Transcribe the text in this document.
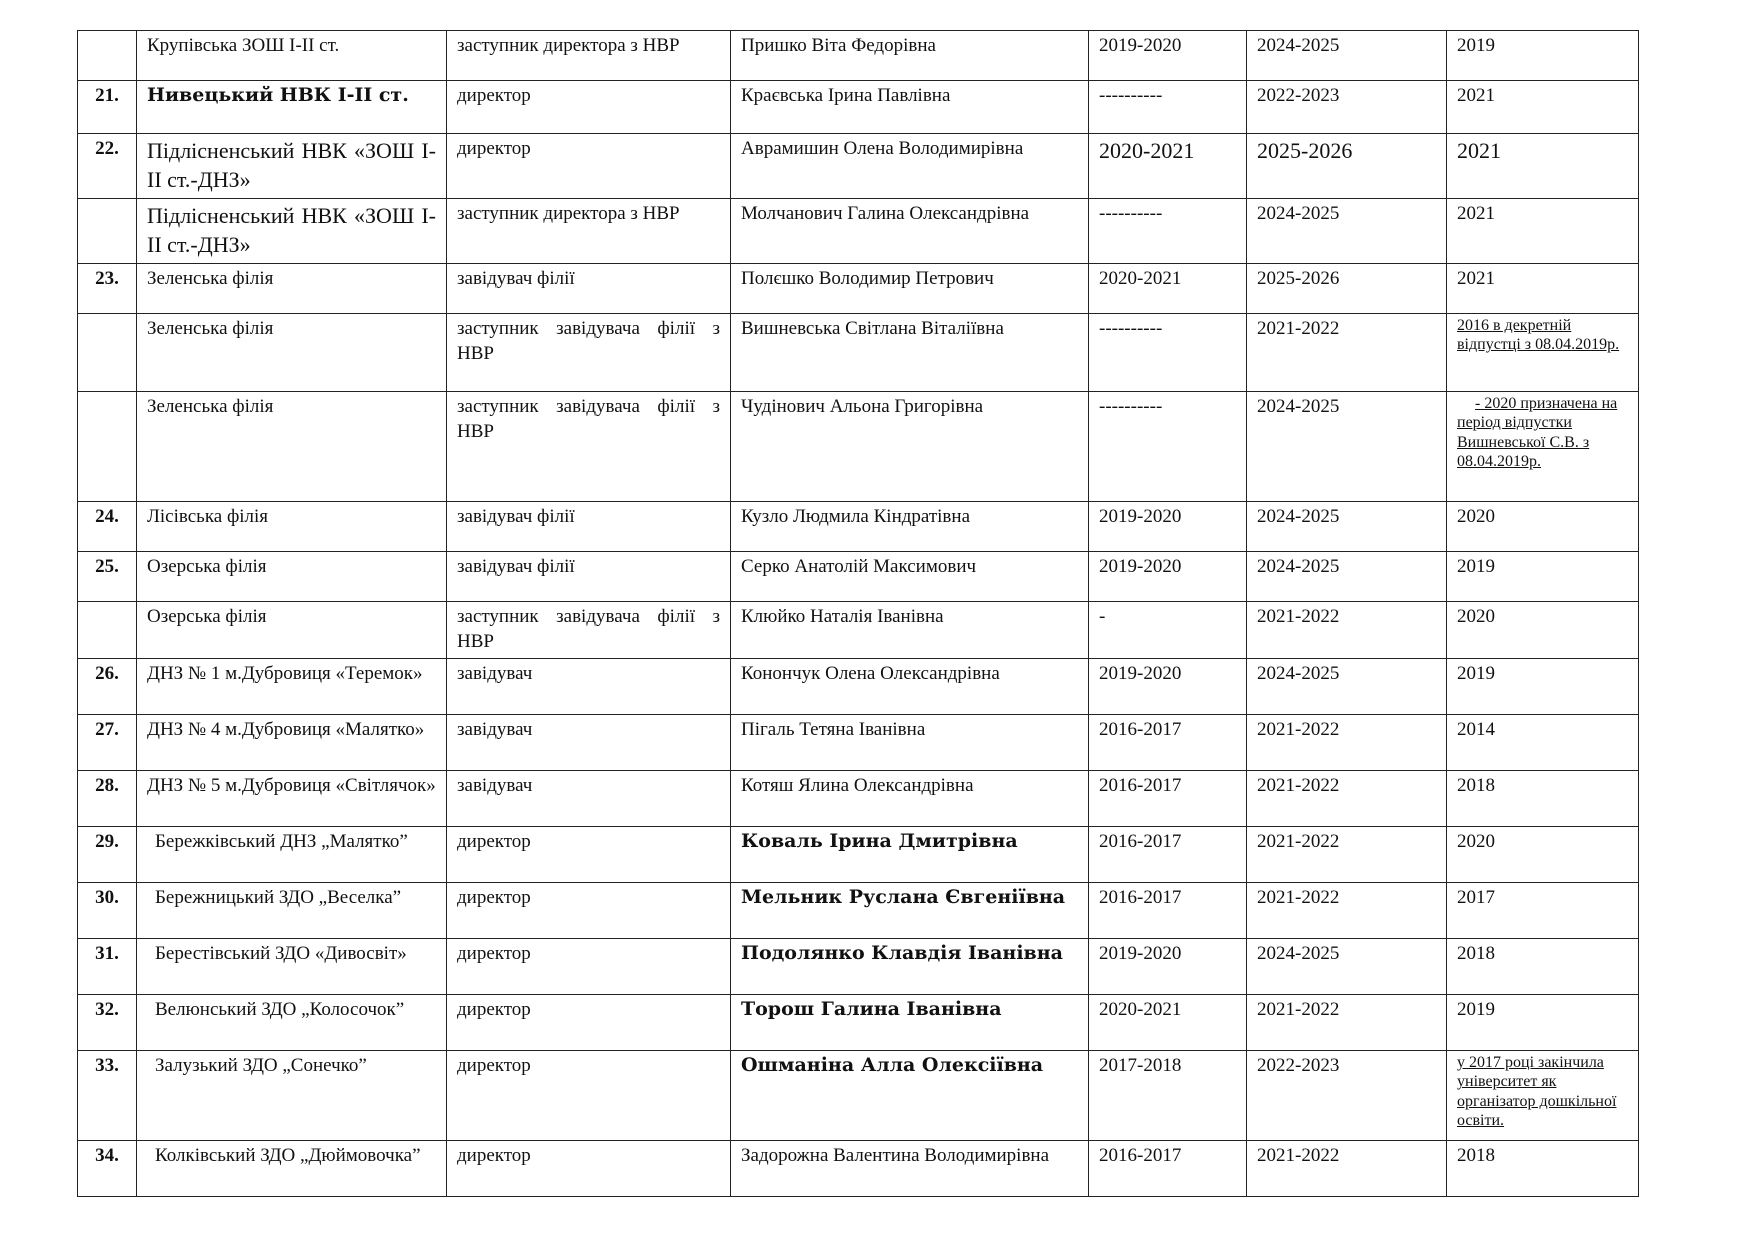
	Крупівська ЗОШ І-ІІ ст.	заступник директора з НВР	Пришко Віта Федорівна	2019-2020	2024-2025	2019
21.	Нивецький НВК І-ІІ ст.	директор	Краєвська Ірина Павлівна	----------	2022-2023	2021
22.	Підлісненський НВК «ЗОШ І-ІІ ст.-ДНЗ»	директор	Аврамишин Олена Володимирівна	2020-2021	2025-2026	2021
	Підлісненський НВК «ЗОШ І-ІІ ст.-ДНЗ»	заступник директора з НВР	Молчанович Галина Олександрівна	----------	2024-2025	2021
23.	Зеленська філія	завідувач філії	Полєшко Володимир Петрович	2020-2021	2025-2026	2021
	Зеленська філія	заступник завідувача філії з НВР	Вишневська Світлана Віталіївна	----------	2021-2022	2016 в декретній відпустці з 08.04.2019р.
	Зеленська філія	заступник завідувача філії з НВР	Чудінович Альона Григорівна	----------	2024-2025	- 2020 призначена на період відпустки Вишневської С.В. з 08.04.2019р.
24.	Лісівська філія	завідувач філії	Кузло Людмила Кіндратівна	2019-2020	2024-2025	2020
25.	Озерська філія	завідувач філії	Серко Анатолій Максимович	2019-2020	2024-2025	2019
	Озерська філія	заступник завідувача філії з НВР	Клюйко Наталія Іванівна	-	2021-2022	2020
26.	ДНЗ № 1 м.Дубровиця «Теремок»	завідувач	Конончук Олена Олександрівна	2019-2020	2024-2025	2019
27.	ДНЗ № 4 м.Дубровиця «Малятко»	завідувач	Пігаль Тетяна Іванівна	2016-2017	2021-2022	2014
28.	ДНЗ № 5 м.Дубровиця «Світлячок»	завідувач	Котяш Ялина Олександрівна	2016-2017	2021-2022	2018
29.	Бережківський ДНЗ „Малятко”	директор	Коваль Ірина Дмитрівна	2016-2017	2021-2022	2020
30.	Бережницький ЗДО „Веселка”	директор	Мельник Руслана Євгеніївна	2016-2017	2021-2022	2017
31.	Берестівський ЗДО «Дивосвіт»	директор	Подолянко Клавдія Іванівна	2019-2020	2024-2025	2018
32.	Велюнський ЗДО „Колосочок”	директор	Торош Галина Іванівна	2020-2021	2021-2022	2019
33.	Залузький ЗДО „Сонечко”	директор	Ошманіна Алла Олексіївна	2017-2018	2022-2023	у 2017 році закінчила університет як організатор дошкільної освіти.
34.	Колківський ЗДО „Дюймовочка”	директор	Задорожна Валентина Володимирівна	2016-2017	2021-2022	2018
